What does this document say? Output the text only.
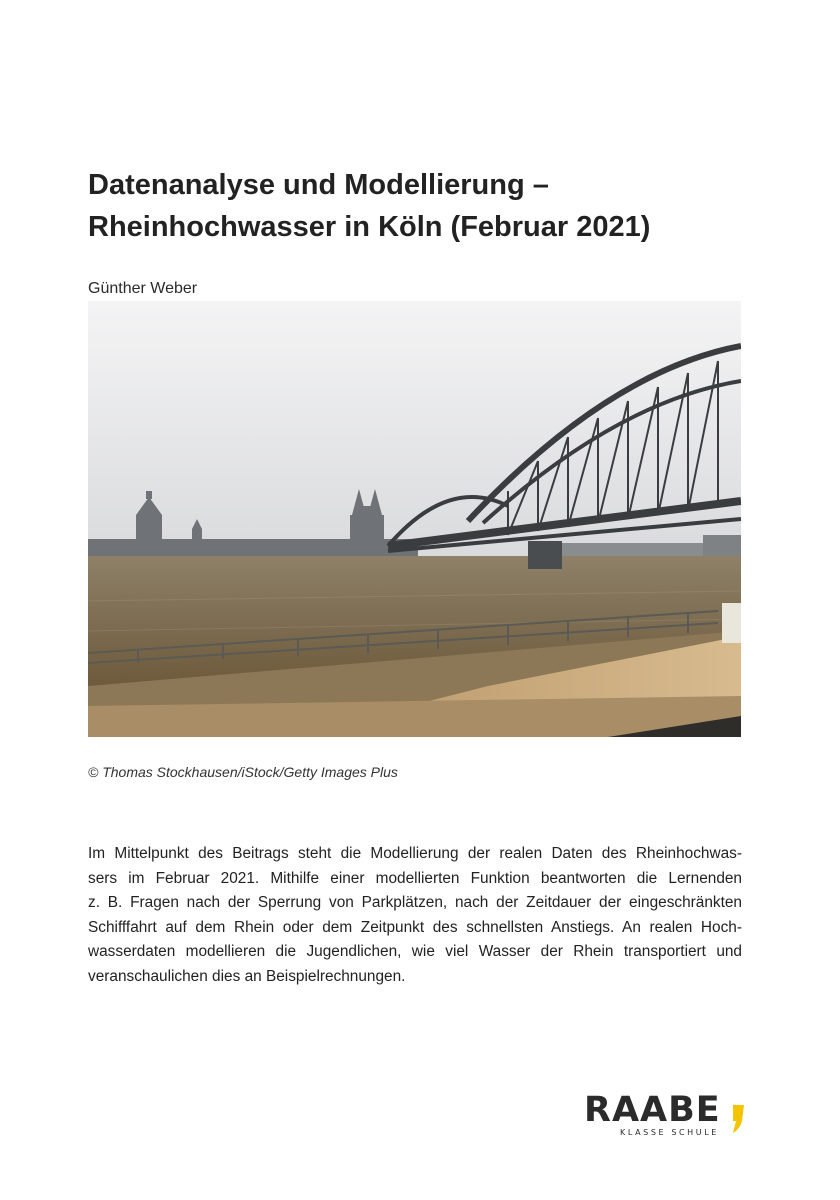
Datenanalyse und Modellierung –
Rheinhochwasser in Köln (Februar 2021)
Günther Weber
© Thomas Stockhausen/iStock/Getty Images Plus
Im Mittelpunkt des Beitrags steht die Modellierung der realen Daten des Rheinhochwas-
sers im Februar 2021. Mithilfe einer modellierten Funktion beantworten die Lernenden
z. B. Fragen nach der Sperrung von Parkplätzen, nach der Zeitdauer der eingeschränkten
Schifffahrt auf dem Rhein oder dem Zeitpunkt des schnellsten Anstiegs. An realen Hoch-
wasserdaten modellieren die Jugendlichen, wie viel Wasser der Rhein transportiert und
veranschaulichen dies an Beispielrechnungen.
RAABE
KLASSE SCHULE
